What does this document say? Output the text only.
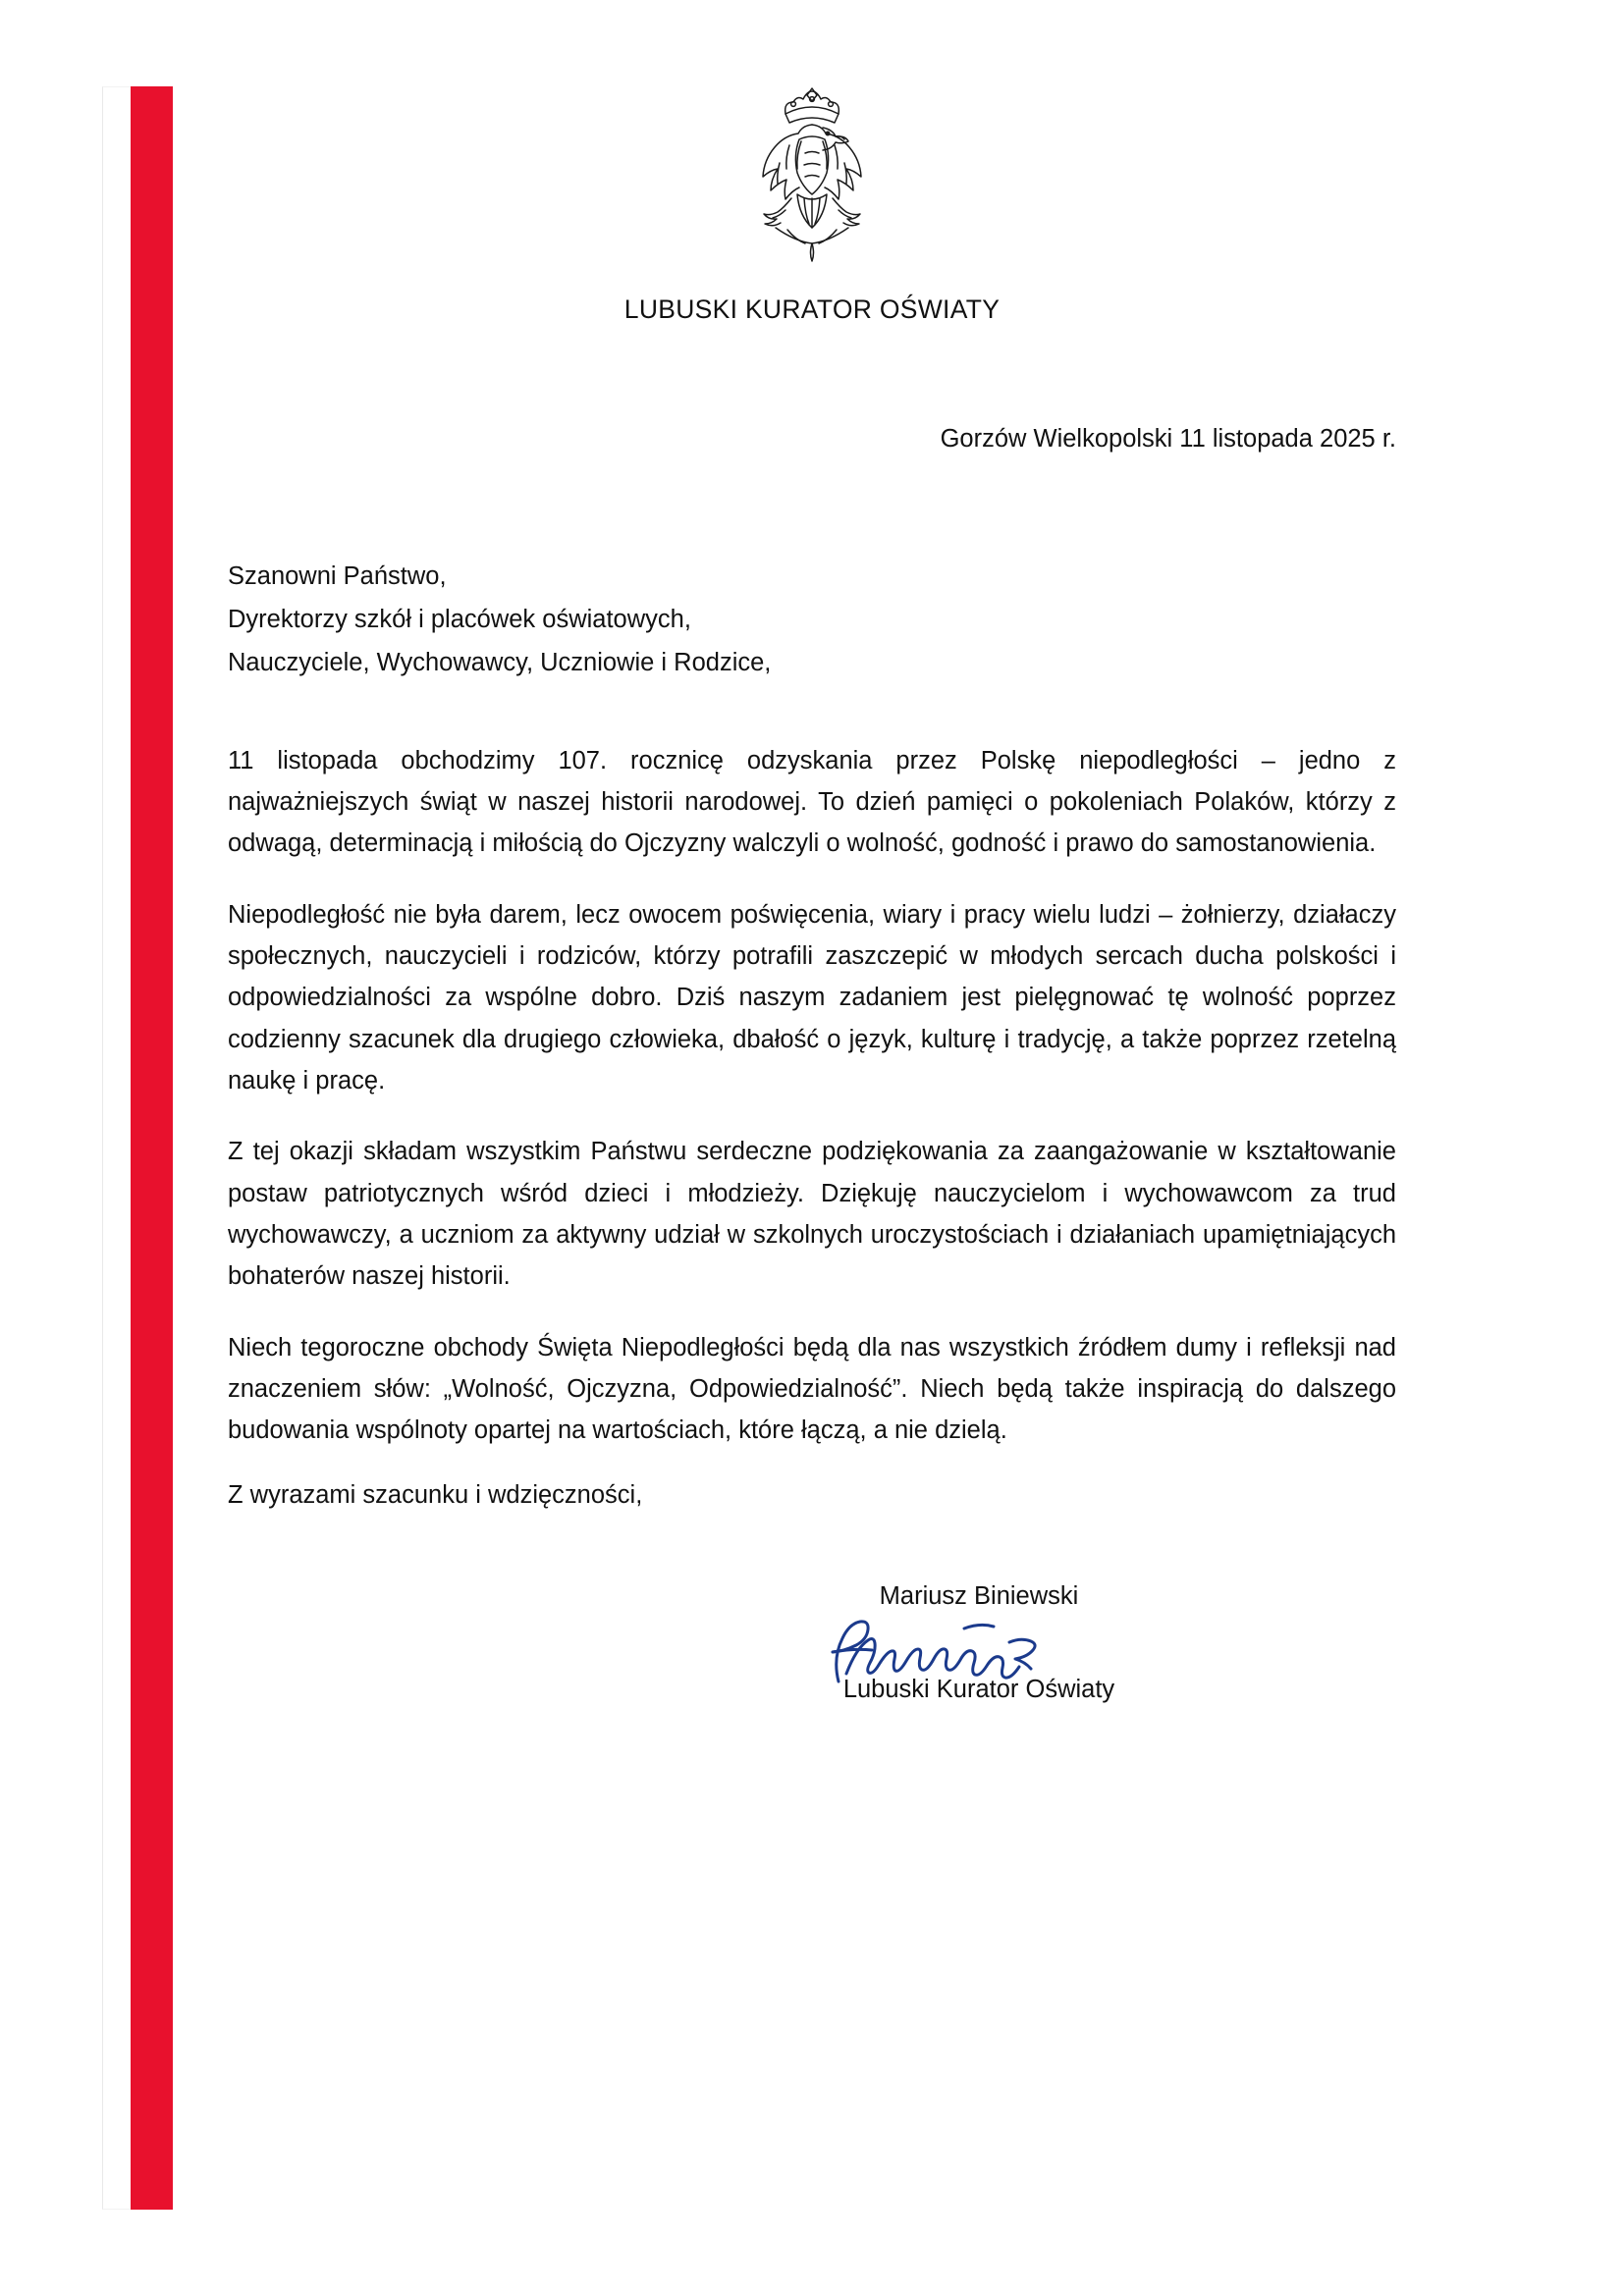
LUBUSKI KURATOR OŚWIATY
Gorzów Wielkopolski 11 listopada 2025 r.
Szanowni Państwo,
Dyrektorzy szkół i placówek oświatowych,
Nauczyciele, Wychowawcy, Uczniowie i Rodzice,

11 listopada obchodzimy 107. rocznicę odzyskania przez Polskę niepodległości – jedno z najważniejszych świąt w naszej historii narodowej. To dzień pamięci o pokoleniach Polaków, którzy z odwagą, determinacją i miłością do Ojczyzny walczyli o wolność, godność i prawo do samostanowienia.

Niepodległość nie była darem, lecz owocem poświęcenia, wiary i pracy wielu ludzi – żołnierzy, działaczy społecznych, nauczycieli i rodziców, którzy potrafili zaszczepić w młodych sercach ducha polskości i odpowiedzialności za wspólne dobro. Dziś naszym zadaniem jest pielęgnować tę wolność poprzez codzienny szacunek dla drugiego człowieka, dbałość o język, kulturę i tradycję, a także poprzez rzetelną naukę i pracę.

Z tej okazji składam wszystkim Państwu serdeczne podziękowania za zaangażowanie w kształtowanie postaw patriotycznych wśród dzieci i młodzieży. Dziękuję nauczycielom i wychowawcom za trud wychowawczy, a uczniom za aktywny udział w szkolnych uroczystościach i działaniach upamiętniających bohaterów naszej historii.

Niech tegoroczne obchody Święta Niepodległości będą dla nas wszystkich źródłem dumy i refleksji nad znaczeniem słów: „Wolność, Ojczyzna, Odpowiedzialność”. Niech będą także inspiracją do dalszego budowania wspólnoty opartej na wartościach, które łączą, a nie dzielą.

Z wyrazami szacunku i wdzięczności,
Mariusz Biniewski
Lubuski Kurator Oświaty
